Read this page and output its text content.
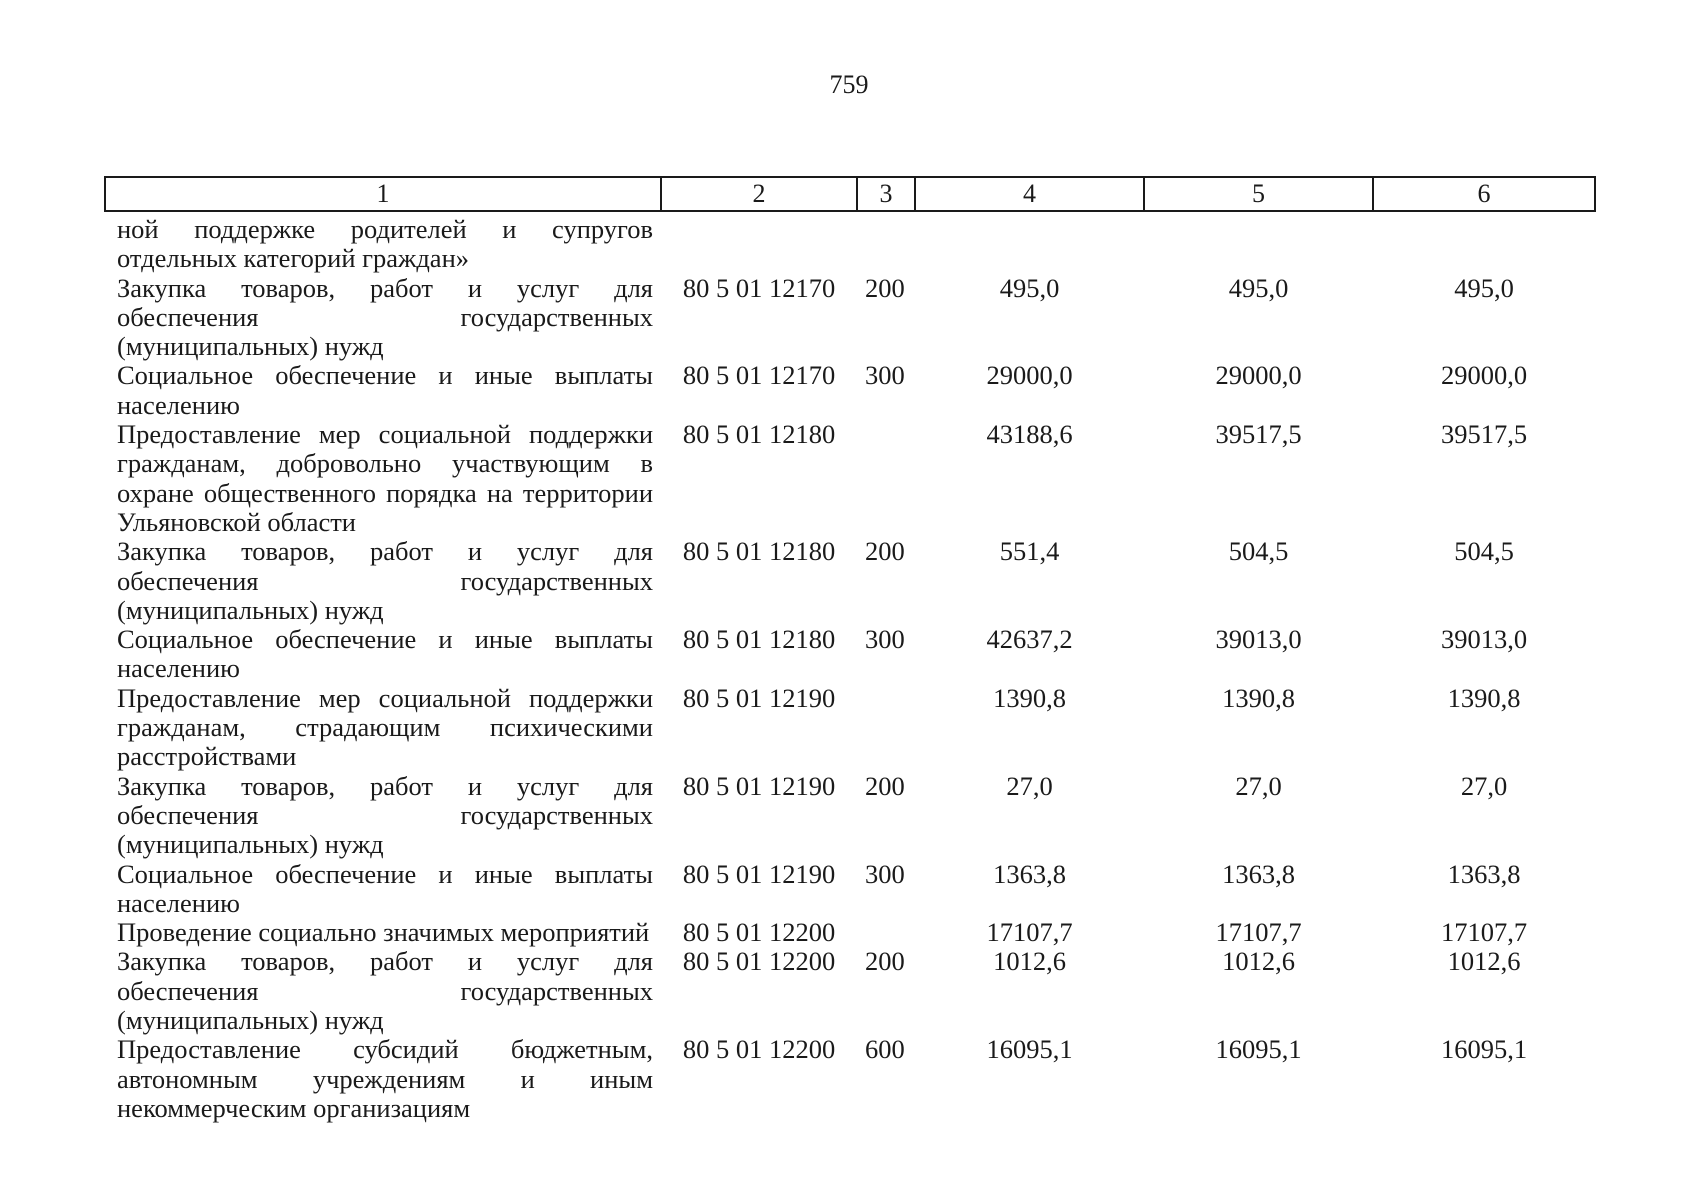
759
1	2	3	4	5	6
ной поддержке родителей и супругов отдельных категорий граждан»					
Закупка товаров, работ и услуг для обеспечения государственных (муниципальных) нужд	80 5 01 12170	200	495,0	495,0	495,0
Социальное обеспечение и иные выплаты населению	80 5 01 12170	300	29000,0	29000,0	29000,0
Предоставление мер социальной поддержки гражданам, добровольно участвующим в охране общественного порядка на территории Ульяновской области	80 5 01 12180		43188,6	39517,5	39517,5
Закупка товаров, работ и услуг для обеспечения государственных (муниципальных) нужд	80 5 01 12180	200	551,4	504,5	504,5
Социальное обеспечение и иные выплаты населению	80 5 01 12180	300	42637,2	39013,0	39013,0
Предоставление мер социальной поддержки гражданам, страдающим психическими расстройствами	80 5 01 12190		1390,8	1390,8	1390,8
Закупка товаров, работ и услуг для обеспечения государственных (муниципальных) нужд	80 5 01 12190	200	27,0	27,0	27,0
Социальное обеспечение и иные выплаты населению	80 5 01 12190	300	1363,8	1363,8	1363,8
Проведение социально значимых мероприятий	80 5 01 12200		17107,7	17107,7	17107,7
Закупка товаров, работ и услуг для обеспечения государственных (муниципальных) нужд	80 5 01 12200	200	1012,6	1012,6	1012,6
Предоставление субсидий бюджетным, автономным учреждениям и иным некоммерческим организациям	80 5 01 12200	600	16095,1	16095,1	16095,1
